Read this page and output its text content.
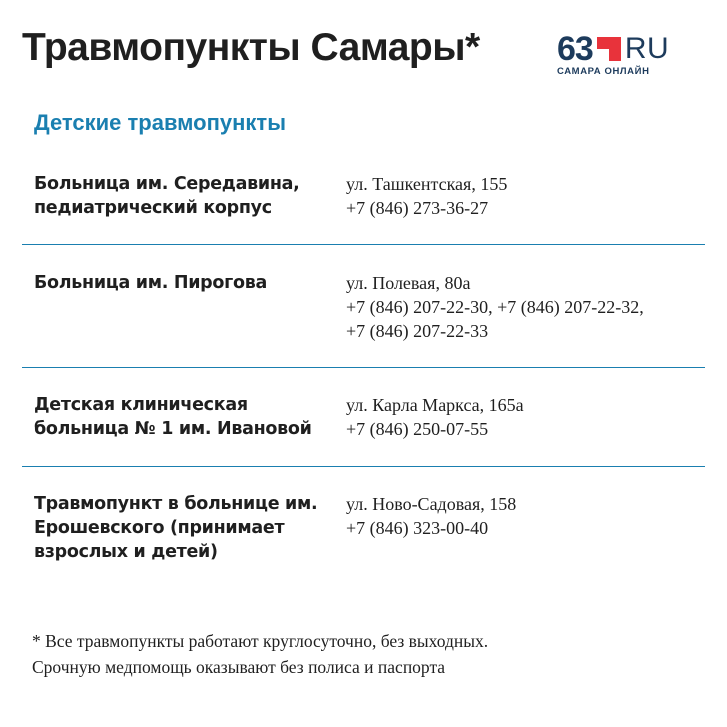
Травмопункты Самары* 63 RU
САМАРА ОНЛАЙН
Детские травмопункты
Больница им. Середавина, педиатрический корпус
ул. Ташкентская, 155
+7 (846) 273-36-27
Больница им. Пирогова	ул. Полевая, 80а
+7 (846) 207-22-30, +7 (846) 207-22-32,
+7 (846) 207-22-33
Детская клиническая больница № 1 им. Ивановой
ул. Карла Маркса, 165а
+7 (846) 250-07-55
Травмопункт в больнице им. Ерошевского (принимает взрослых и детей)
ул. Ново-Садовая, 158
+7 (846) 323-00-40
* Все травмопункты работают круглосуточно, без выходных.
Срочную медпомощь оказывают без полиса и паспорта
